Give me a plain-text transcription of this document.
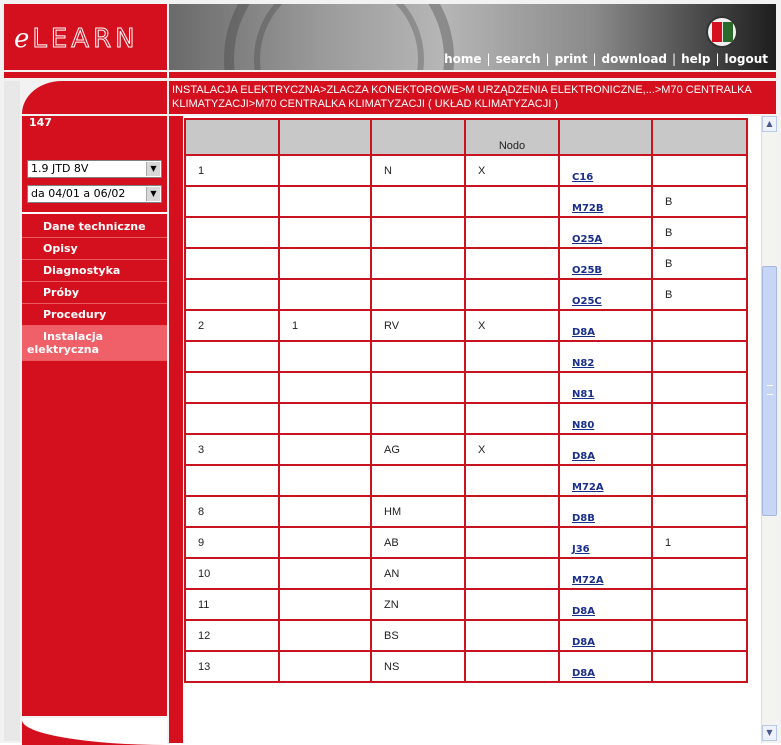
eLEARN
home | search | print | download | help | logout
INSTALACJA ELEKTRYCZNA>ZLACZA KONEKTOROWE>M URZĄDZENIA ELEKTRONICZNE,...>M70 CENTRALKA KLIMATYZACJI>M70 CENTRALKA KLIMATYZACJI ( UKŁAD KLIMATYZACJI )
147
1.9 JTD 8V	▼
da 04/01 a 06/02	▼
Dane techniczne
Opisy
Diagnostyka
Próby
Procedury
Instalacja elektryczna
			Nodo		
1		N	X	C16	
				M72B	B
				O25A	B
				O25B	B
				O25C	B
2	1	RV	X	D8A	
				N82	
				N81	
				N80	
3		AG	X	D8A	
				M72A	
8		HM		D8B	
9		AB		J36	1
10		AN		M72A	
11		ZN		D8A	
12		BS		D8A	
13		NS		D8A	
▲
▼
